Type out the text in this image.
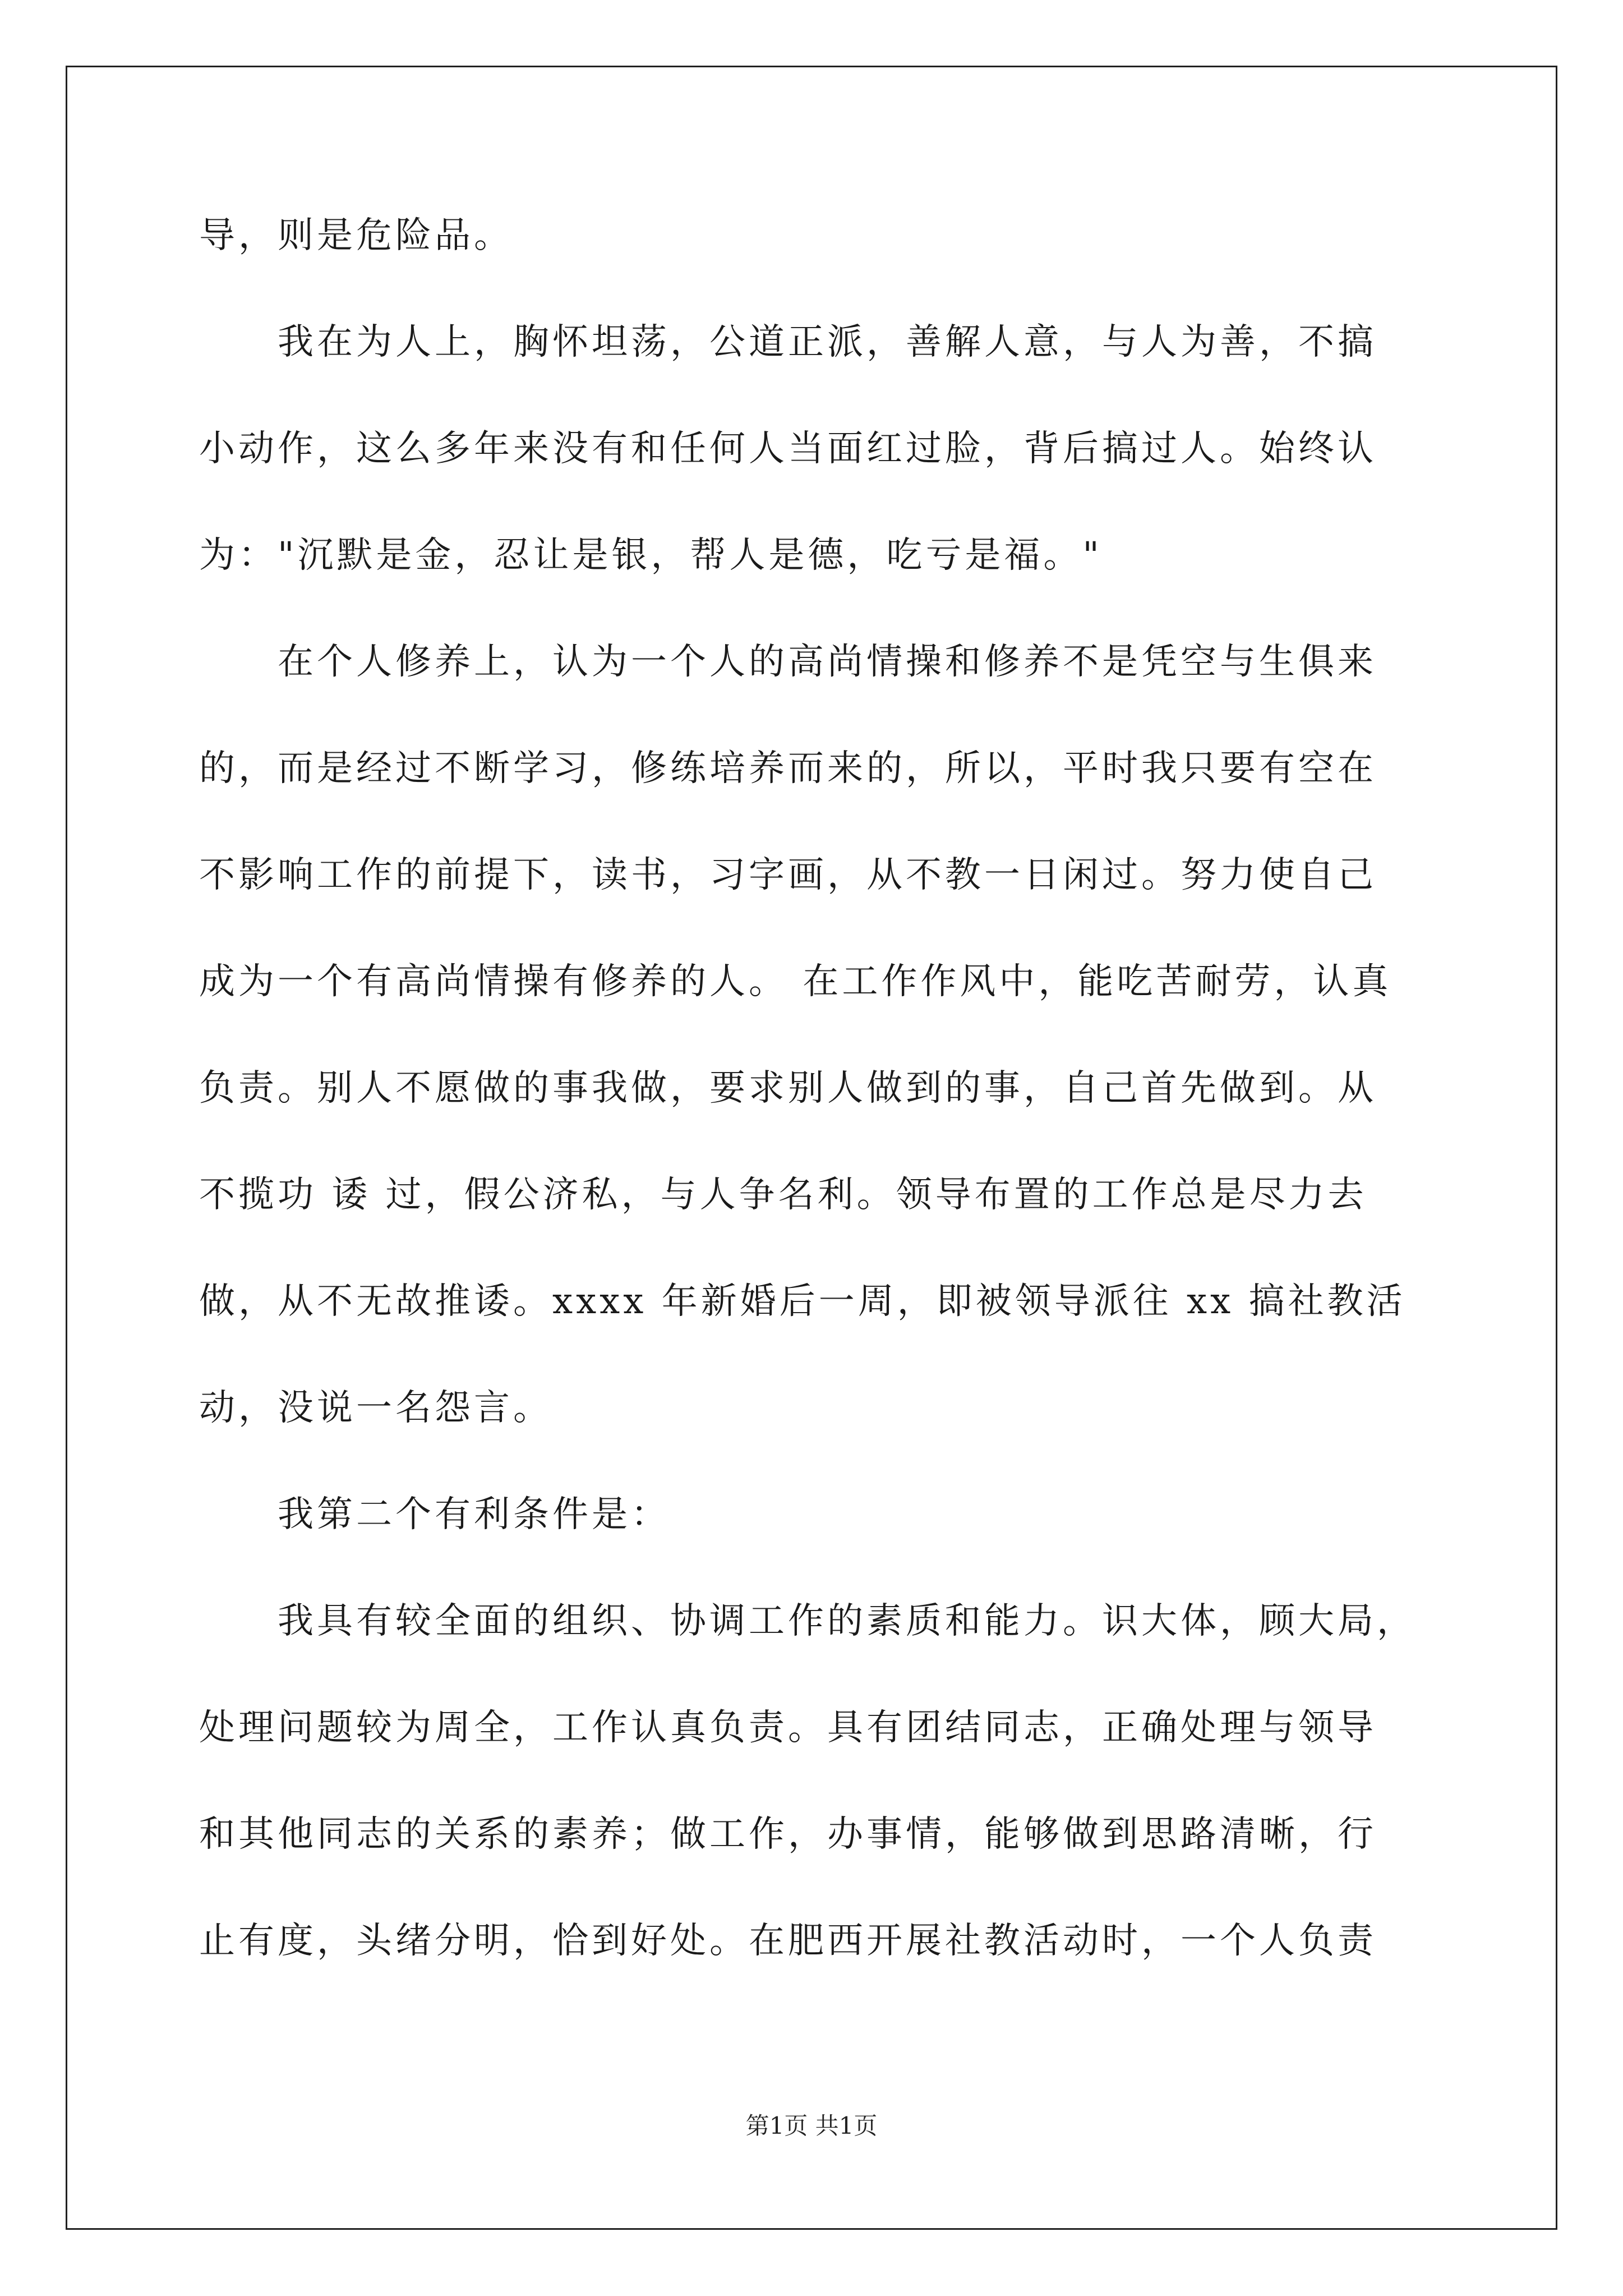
导，则是危险品。
　　我在为人上，胸怀坦荡，公道正派，善解人意，与人为善，不搞
小动作，这么多年来没有和任何人当面红过脸，背后搞过人。始终认
为："沉默是金，忍让是银，帮人是德，吃亏是福。"
　　在个人修养上，认为一个人的高尚情操和修养不是凭空与生俱来
的，而是经过不断学习，修练培养而来的，所以，平时我只要有空在
不影响工作的前提下，读书，习字画，从不教一日闲过。努力使自己
成为一个有高尚情操有修养的人。 在工作作风中，能吃苦耐劳，认真
负责。别人不愿做的事我做，要求别人做到的事，自己首先做到。从
不揽功 诿 过，假公济私，与人争名利。领导布置的工作总是尽力去
做，从不无故推诿。xxxx 年新婚后一周，即被领导派往 xx 搞社教活
动，没说一名怨言。
　　我第二个有利条件是：
　　我具有较全面的组织、协调工作的素质和能力。识大体，顾大局，
处理问题较为周全，工作认真负责。具有团结同志，正确处理与领导
和其他同志的关系的素养；做工作，办事情，能够做到思路清晰，行
止有度，头绪分明，恰到好处。在肥西开展社教活动时，一个人负责
第1页 共1页
